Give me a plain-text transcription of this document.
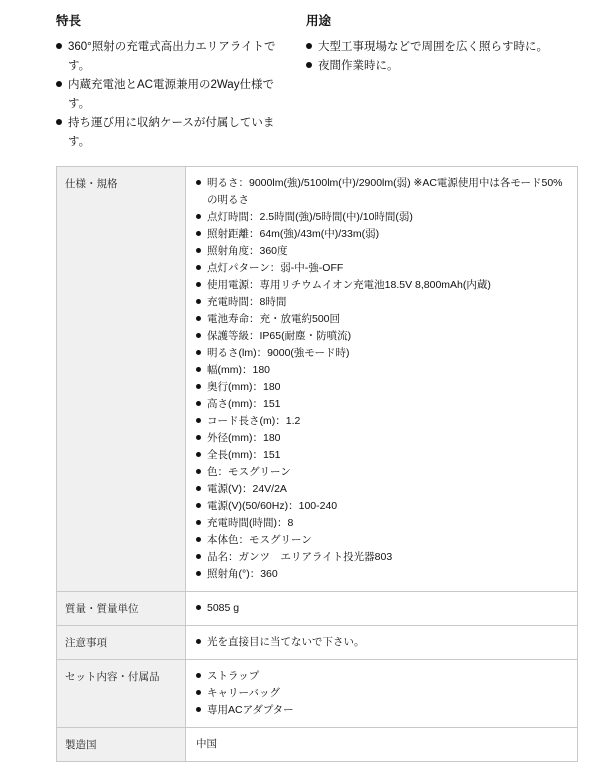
特長
360°照射の充電式高出力エリアライトです。
内蔵充電池とAC電源兼用の2Way仕様です。
持ち運び用に収納ケースが付属しています。
用途
大型工事現場などで周囲を広く照らす時に。
夜間作業時に。
仕様・規格	明るさ：9000lm(強)/5100lm(中)/2900lm(弱) ※AC電源使用中は各モード50%の明るさ
点灯時間：2.5時間(強)/5時間(中)/10時間(弱)
照射距離：64m(強)/43m(中)/33m(弱)
照射角度：360度
点灯パターン：弱-中-強-OFF
使用電源：専用リチウムイオン充電池18.5V 8,800mAh(内蔵)
充電時間：8時間
電池寿命：充・放電約500回
保護等級：IP65(耐塵・防噴流)
明るさ(lm)：9000(強モード時)
幅(mm)：180
奥行(mm)：180
高さ(mm)：151
コード長さ(m)：1.2
外径(mm)：180
全長(mm)：151
色：モスグリーン
電源(V)：24V/2A
電源(V)(50/60Hz)：100-240
充電時間(時間)：8
本体色：モスグリーン
品名：ガンツ　エリアライト投光器803
照射角(°)：360

質量・質量単位	5085 g

注意事項	光を直接目に当てないで下さい。

セット内容・付属品	ストラップ
キャリーバッグ
専用ACアダプター

製造国	中国
